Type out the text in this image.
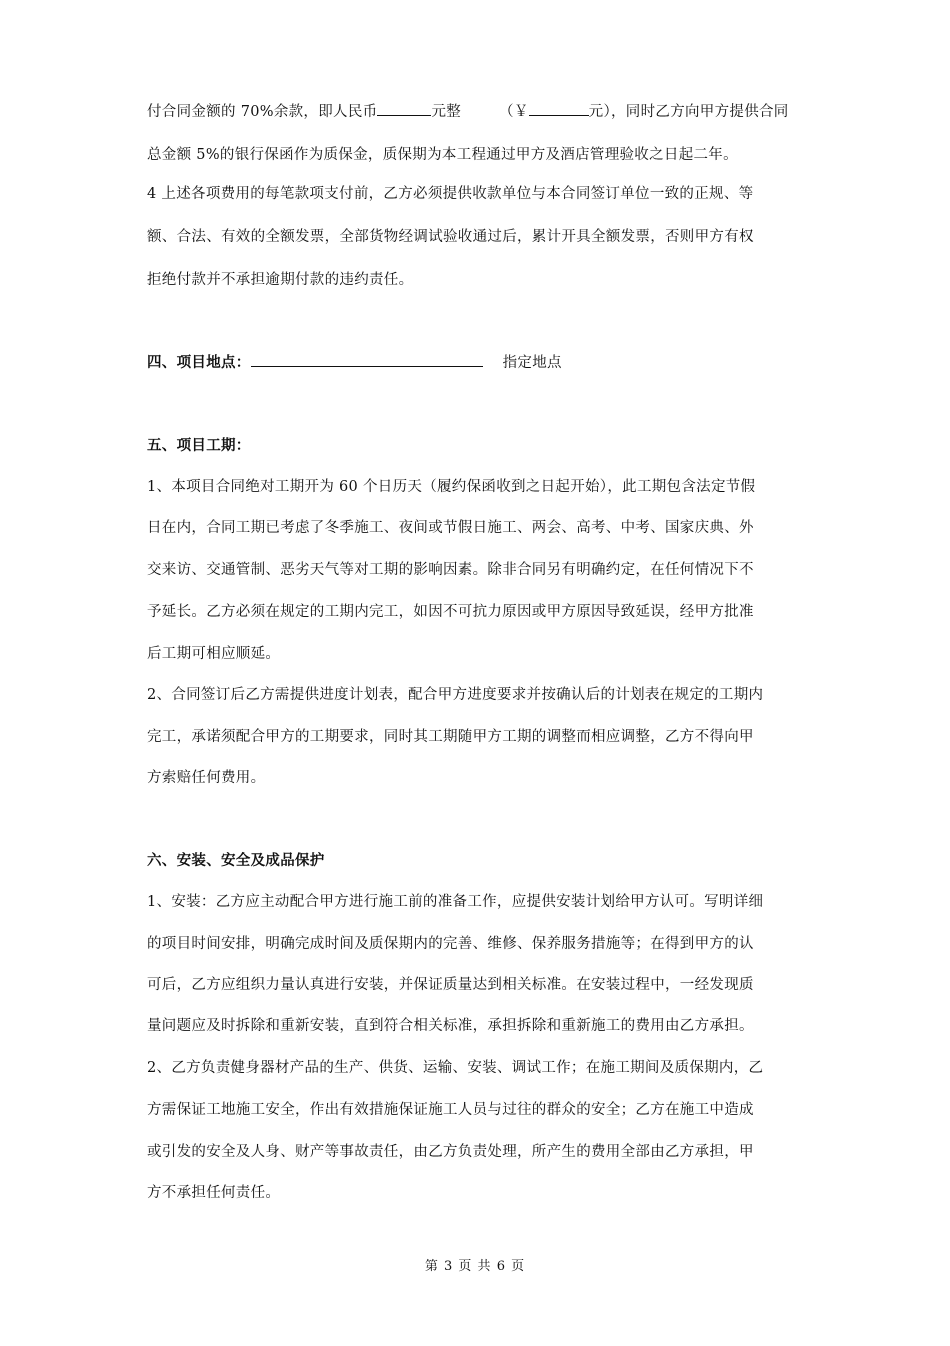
付合同金额的 70%余款，即人民币	元整	（￥	元），同时乙方向甲方提供合同
总金额 5%的银行保函作为质保金，质保期为本工程通过甲方及酒店管理验收之日起二年。
4 上述各项费用的每笔款项支付前，乙方必须提供收款单位与本合同签订单位一致的正规、等
额、合法、有效的全额发票，全部货物经调试验收通过后，累计开具全额发票，否则甲方有权
拒绝付款并不承担逾期付款的违约责任。
四、项目地点：	指定地点
五、项目工期：
1、本项目合同绝对工期开为 60 个日历天（履约保函收到之日起开始），此工期包含法定节假
日在内，合同工期已考虑了冬季施工、夜间或节假日施工、两会、高考、中考、国家庆典、外
交来访、交通管制、恶劣天气等对工期的影响因素。除非合同另有明确约定，在任何情况下不
予延长。乙方必须在规定的工期内完工，如因不可抗力原因或甲方原因导致延误，经甲方批准
后工期可相应顺延。
2、合同签订后乙方需提供进度计划表，配合甲方进度要求并按确认后的计划表在规定的工期内
完工，承诺须配合甲方的工期要求，同时其工期随甲方工期的调整而相应调整，乙方不得向甲
方索赔任何费用。
六、安装、安全及成品保护
1、安装：乙方应主动配合甲方进行施工前的准备工作，应提供安装计划给甲方认可。写明详细
的项目时间安排，明确完成时间及质保期内的完善、维修、保养服务措施等；在得到甲方的认
可后，乙方应组织力量认真进行安装，并保证质量达到相关标准。在安装过程中，一经发现质
量问题应及时拆除和重新安装，直到符合相关标准，承担拆除和重新施工的费用由乙方承担。
2、乙方负责健身器材产品的生产、供货、运输、安装、调试工作；在施工期间及质保期内，乙
方需保证工地施工安全，作出有效措施保证施工人员与过往的群众的安全；乙方在施工中造成
或引发的安全及人身、财产等事故责任，由乙方负责处理，所产生的费用全部由乙方承担，甲
方不承担任何责任。
第 3 页 共 6 页
